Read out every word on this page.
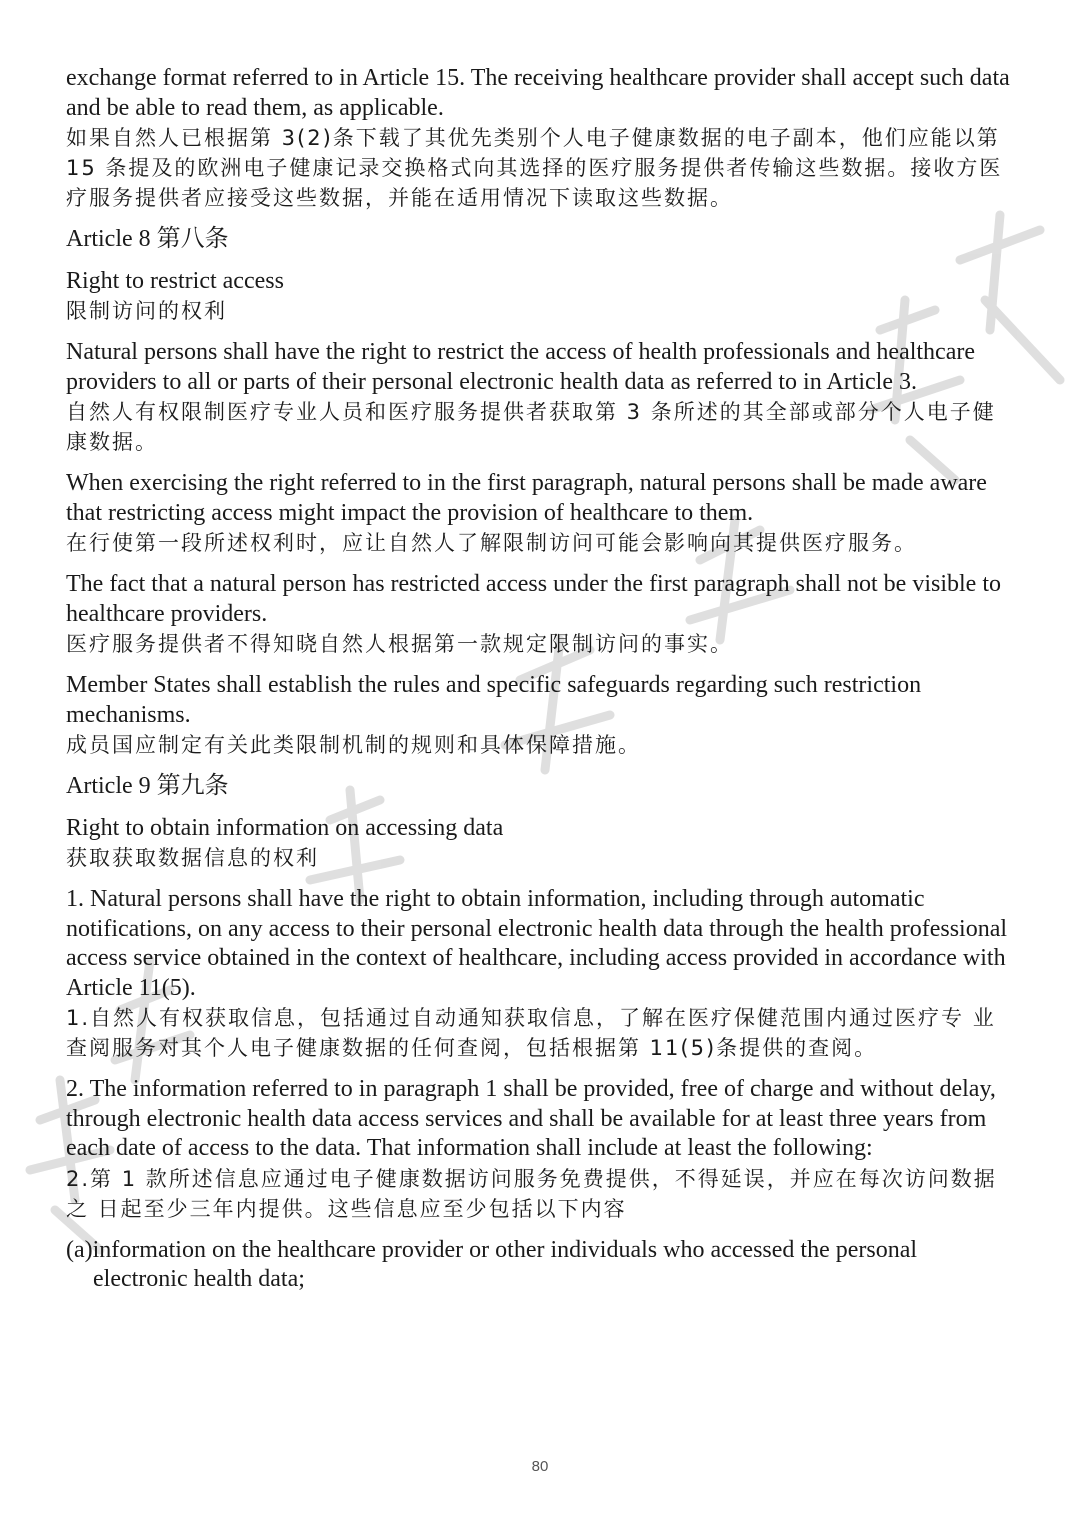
exchange format referred to in Article 15. The receiving healthcare provider shall accept such data and be able to read them, as applicable.

如果自然人已根据第 3(2)条下载了其优先类别个人电子健康数据的电子副本，他们应能以第 15 条提及的欧洲电子健康记录交换格式向其选择的医疗服务提供者传输这些数据。接收方医疗服务提供者应接受这些数据，并能在适用情况下读取这些数据。

Article 8 第八条

Right to restrict access

限制访问的权利

Natural persons shall have the right to restrict the access of health professionals and healthcare providers to all or parts of their personal electronic health data as referred to in Article 3.

自然人有权限制医疗专业人员和医疗服务提供者获取第 3 条所述的其全部或部分个人电子健 康数据。

When exercising the right referred to in the first paragraph, natural persons shall be made aware that restricting access might impact the provision of healthcare to them.

在行使第一段所述权利时，应让自然人了解限制访问可能会影响向其提供医疗服务。

The fact that a natural person has restricted access under the first paragraph shall not be visible to healthcare providers.

医疗服务提供者不得知晓自然人根据第一款规定限制访问的事实。

Member States shall establish the rules and specific safeguards regarding such restriction mechanisms.

成员国应制定有关此类限制机制的规则和具体保障措施。

Article 9 第九条

Right to obtain information on accessing data

获取获取数据信息的权利

1. Natural persons shall have the right to obtain information, including through automatic notifications, on any access to their personal electronic health data through the health professional access service obtained in the context of healthcare, including access provided in accordance with Article 11(5).

1.自然人有权获取信息，包括通过自动通知获取信息，了解在医疗保健范围内通过医疗专 业查阅服务对其个人电子健康数据的任何查阅，包括根据第 11(5)条提供的查阅。

2. The information referred to in paragraph 1 shall be provided, free of charge and without delay, through electronic health data access services and shall be available for at least three years from each date of access to the data. That information shall include at least the following:

2.第 1 款所述信息应通过电子健康数据访问服务免费提供，不得延误，并应在每次访问数据之 日起至少三年内提供。这些信息应至少包括以下内容

(a)information on the healthcare provider or other individuals who accessed the personal electronic health data;

80
